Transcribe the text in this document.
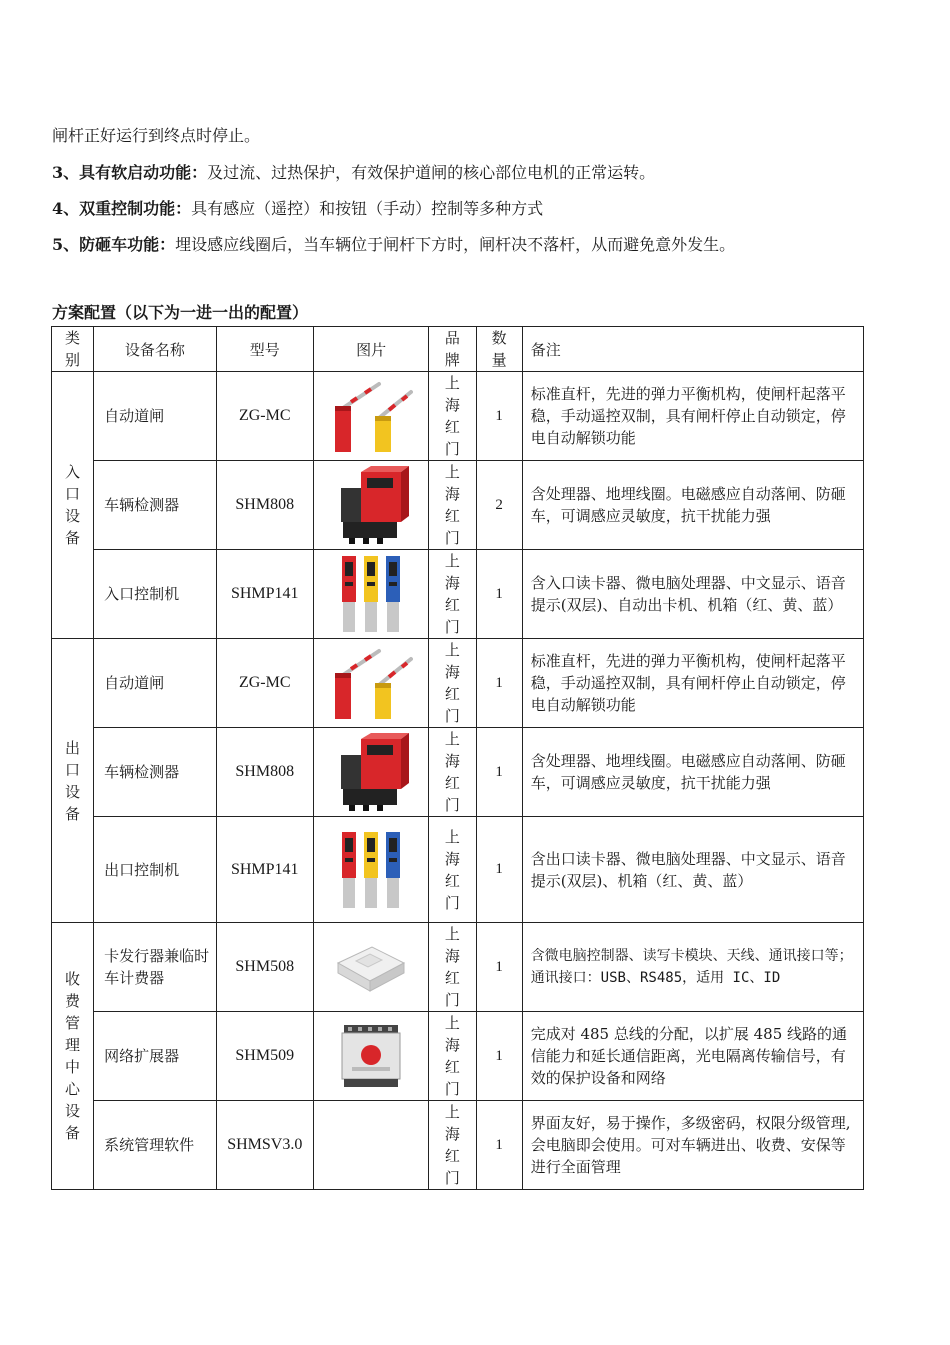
闸杆正好运行到终点时停止。
3、具有软启动功能：及过流、过热保护，有效保护道闸的核心部位电机的正常运转。
4、双重控制功能：具有感应（遥控）和按钮（手动）控制等多种方式
5、防砸车功能：埋设感应线圈后，当车辆位于闸杆下方时，闸杆决不落杆，从而避免意外发生。
方案配置（以下为一进一出的配置）
类别	设备名称	型号	图片	品牌	数量	备注
入口设备	自动道闸	ZG-MC		上海红门	1	标准直杆，先进的弹力平衡机构，使闸杆起落平稳，手动遥控双制，具有闸杆停止自动锁定，停电自动解锁功能
	车辆检测器	SHM808		上海红门	2	含处理器、地埋线圈。电磁感应自动落闸、防砸车，可调感应灵敏度，抗干扰能力强
	入口控制机	SHMP141		上海红门	1	含入口读卡器、微电脑处理器、中文显示、语音提示(双层)、自动出卡机、机箱（红、黄、蓝）
出口设备	自动道闸	ZG-MC		上海红门	1	标准直杆，先进的弹力平衡机构，使闸杆起落平稳，手动遥控双制，具有闸杆停止自动锁定，停电自动解锁功能
	车辆检测器	SHM808		上海红门	1	含处理器、地埋线圈。电磁感应自动落闸、防砸车，可调感应灵敏度，抗干扰能力强
	出口控制机	SHMP141		上海红门	1	含出口读卡器、微电脑处理器、中文显示、语音提示(双层)、机箱（红、黄、蓝）
收费管理中心设备	卡发行器兼临时车计费器	SHM508		上海红门	1	含微电脑控制器、读写卡模块、天线、通讯接口等；通讯接口：USB、RS485，适用 IC、ID
	网络扩展器	SHM509		上海红门	1	完成对 485 总线的分配，以扩展 485 线路的通信能力和延长通信距离，光电隔离传输信号，有效的保护设备和网络
	系统管理软件	SHMSV3.0		上海红门	1	界面友好，易于操作，多级密码，权限分级管理,会电脑即会使用。可对车辆进出、收费、安保等进行全面管理
